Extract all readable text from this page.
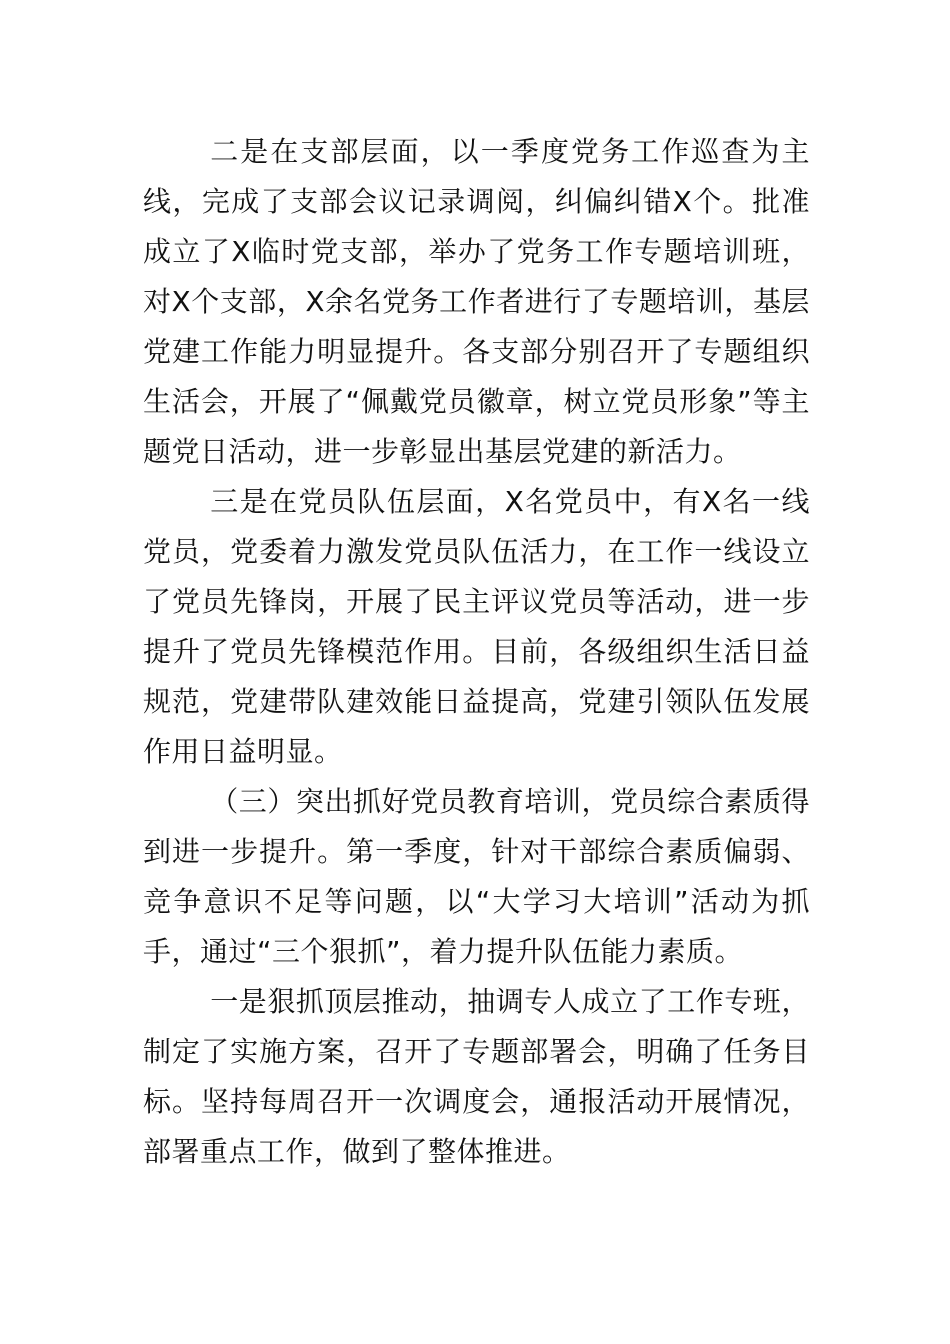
二是在支部层面，以一季度党务工作巡查为主线，完成了支部会议记录调阅，纠偏纠错X个。批准成立了X临时党支部，举办了党务工作专题培训班，对X个支部，X余名党务工作者进行了专题培训，基层党建工作能力明显提升。各支部分别召开了专题组织生活会，开展了“佩戴党员徽章，树立党员形象”等主题党日活动，进一步彰显出基层党建的新活力。

三是在党员队伍层面，X名党员中，有X名一线党员，党委着力激发党员队伍活力，在工作一线设立了党员先锋岗，开展了民主评议党员等活动，进一步提升了党员先锋模范作用。目前，各级组织生活日益规范，党建带队建效能日益提高，党建引领队伍发展作用日益明显。

（三）突出抓好党员教育培训，党员综合素质得到进一步提升。第一季度，针对干部综合素质偏弱、竞争意识不足等问题，以“大学习大培训”活动为抓手，通过“三个狠抓”，着力提升队伍能力素质。

一是狠抓顶层推动，抽调专人成立了工作专班，制定了实施方案，召开了专题部署会，明确了任务目标。坚持每周召开一次调度会，通报活动开展情况，部署重点工作，做到了整体推进。
